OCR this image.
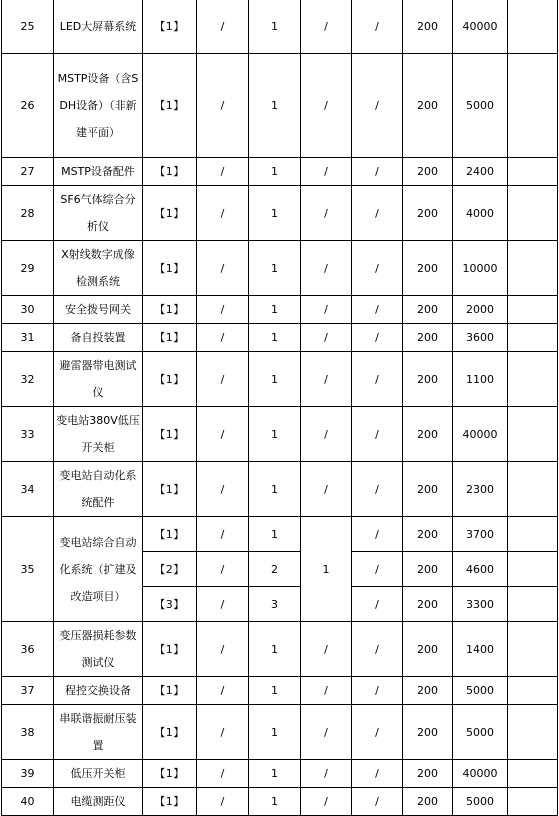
25	LED大屏幕系统	【1】	/	1	/	/	200	40000	
26	MSTP设备（含SDH设备）（非新建平面）	【1】	/	1	/	/	200	5000	
27	MSTP设备配件	【1】	/	1	/	/	200	2400	
28	SF6气体综合分析仪	【1】	/	1	/	/	200	4000	
29	X射线数字成像检测系统	【1】	/	1	/	/	200	10000	
30	安全拨号网关	【1】	/	1	/	/	200	2000	
31	备自投装置	【1】	/	1	/	/	200	3600	
32	避雷器带电测试仪	【1】	/	1	/	/	200	1100	
33	变电站380V低压开关柜	【1】	/	1	/	/	200	40000	
34	变电站自动化系统配件	【1】	/	1	/	/	200	2300	
35	变电站综合自动化系统（扩建及改造项目）	【1】	/	1	1	/	200	3700	
		【2】	/	2		/	200	4600	
		【3】	/	3		/	200	3300	
36	变压器损耗参数测试仪	【1】	/	1	/	/	200	1400	
37	程控交换设备	【1】	/	1	/	/	200	5000	
38	串联谐振耐压装置	【1】	/	1	/	/	200	5000	
39	低压开关柜	【1】	/	1	/	/	200	40000	
40	电缆测距仪	【1】	/	1	/	/	200	5000	
